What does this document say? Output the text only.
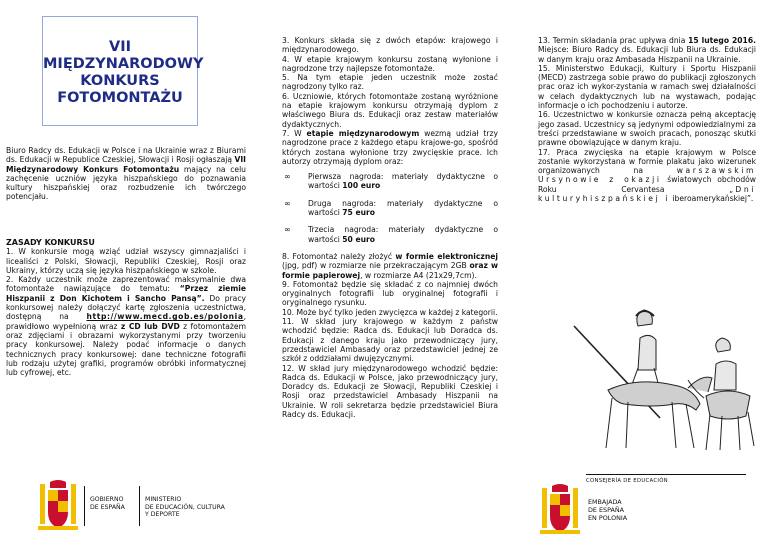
VII
MIĘDZYNARODOWY
KONKURS
FOTOMONTAŻU
Biuro Radcy ds. Edukacji w Polsce i na Ukrainie wraz z Biurami ds. Edukacji w Republice Czeskiej, Słowacji i Rosji ogłaszają VII Międzynarodowy Konkurs Fotomontażu mający na celu zachęcenie uczniów języka hiszpańskiego do poznawania kultury hiszpańskiej oraz rozbudzenie ich twórczego potencjału.

ZASADY KONKURSU

1. W konkursie mogą wziąć udział wszyscy gimnazjaliści i licealiści z Polski, Słowacji, Republiki Czeskiej, Rosji oraz Ukrainy, którzy uczą się języka hiszpańskiego w szkole.

2. Każdy uczestnik może zaprezentować maksymalnie dwa fotomontaże nawiązujące do tematu: “Przez ziemie Hiszpanii z Don Kichotem i Sancho Pansą”. Do pracy konkursowej należy dołączyć kartę zgłoszenia uczestnictwa, dostępną na http://www.mecd.gob.es/polonia, prawidłowo wypełnioną wraz z CD lub DVD z fotomontażem oraz zdjęciami i obrazami wykorzystanymi przy tworzeniu pracy konkursowej. Należy podać informacje o danych technicznych pracy konkursowej: dane techniczne fotografii lub rodzaju użytej grafiki, programów obróbki informatycznej lub cyfrowej, etc.

GOBIERNO
DE ESPAÑA
MINISTERIO
DE EDUCACIÓN, CULTURA
Y DEPORTE

3. Konkurs składa się z dwóch etapów: krajowego i międzynarodowego.

4. W etapie krajowym konkursu zostaną wyłonione i nagrodzone trzy najlepsze fotomontaże.

5. Na tym etapie jeden uczestnik może zostać nagrodzony tylko raz.

6. Uczniowie, których fotomontaże zostaną wyróżnione na etapie krajowym konkursu otrzymają dyplom z właściwego Biura ds. Edukacji oraz zestaw materiałów dydaktycznych.

7. W etapie międzynarodowym wezmą udział trzy nagrodzone prace z każdego etapu krajowe-go, spośród których zostana wyłonione trzy zwycięskie prace. Ich autorzy otrzymają dyplom oraz:

∞ Pierwsza nagroda: materiały dydaktyczne o wartości 100 euro
∞ Druga nagroda: materiały dydaktyczne o wartości 75 euro
∞ Trzecia nagroda: materiały dydaktyczne o wartości 50 euro

8. Fotomontaż należy złożyć w formie elektronicznej (jpg, pdf) w rozmiarze nie przekraczającym 2GB oraz w formie papierowej, w rozmiarze A4 (21x29,7cm).

9. Fotomontaż będzie się składać z co najmniej dwóch oryginalnych fotografii lub oryginalnej fotografii i oryginalnego rysunku.

10. Może być tylko jeden zwycięzca w każdej z kategorii.

11. W skład jury krajowego w każdym z państw wchodzić będzie: Radca ds. Edukacji lub Doradca ds. Edukacji z danego kraju jako przewodniczący jury, przedstawiciel Ambasady oraz przedstawiciel jednej ze szkół z oddziałami dwujęzycznymi.

12. W skład jury międzynarodowego wchodzić będzie: Radca ds. Edukacji w Polsce, jako przewodniczący jury, Doradcy ds. Edukacji ze Słowacji, Republiki Czeskiej i Rosji oraz przedstawiciel Ambasady Hiszpanii na Ukrainie. W roli sekretarza będzie przedstawiciel Biura Radcy ds. Edukacji.

13. Termin składania prac upływa dnia 15 lutego 2016. Miejsce: Biuro Radcy ds. Edukacji lub Biura ds. Edukacji w danym kraju oraz Ambasada Hiszpanii na Ukrainie.

15. Ministerstwo Edukacji, Kultury i Sportu Hiszpanii (MECD) zastrzega sobie prawo do publikacji zgłoszonych prac oraz ich wykor-zystania w ramach swej działalności w celach dydaktycznych lub na wystawach, podając informacje o ich pochodzeniu i autorze.

16. Uczestnictwo w konkursie oznacza pełną akceptację jego zasad. Uczestnicy są jedynymi odpowiedzialnymi za treści przedstawiane w swoich pracach, ponosząc skutki prawne obowiązujące w danym kraju.

17. Praca zwycięska na etapie krajowym w Polsce zostanie wykorzystana w formie plakatu jako wizerunek organizowanych na warszawskim Ursynowie z okazji światowych obchodów Roku Cervantesa „Dni kulturyhiszpańskiej i iberoamerykańskiej”.

CONSEJERÍA DE EDUCACIÓN
EMBAJADA
DE ESPAÑA
EN POLONIA
